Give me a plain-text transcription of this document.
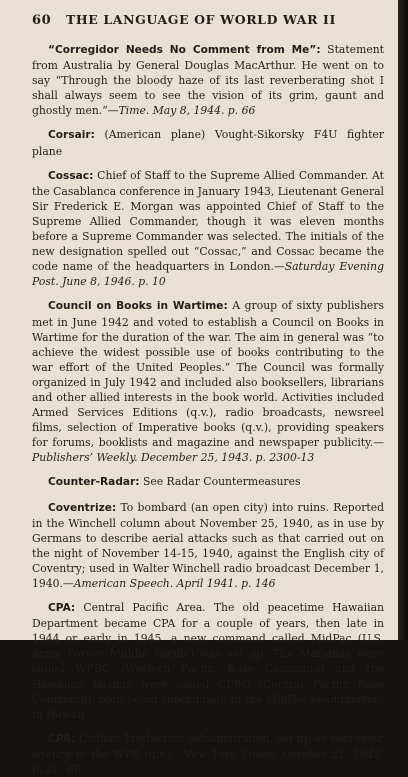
60	THE LANGUAGE OF WORLD WAR II

“Corregidor Needs No Comment from Me”: Statement from Australia by General Douglas MacArthur. He went on to say “Through the bloody haze of its last reverberating shot I shall always seem to see the vision of its grim, gaunt and ghostly men.”—Time. May 8, 1944. p. 66

Corsair: (American plane) Vought-Sikorsky F4U fighter plane

Cossac: Chief of Staff to the Supreme Allied Commander. At the Casablanca conference in January 1943, Lieutenant General Sir Frederick E. Morgan was appointed Chief of Staff to the Supreme Allied Commander, though it was eleven months before a Supreme Commander was selected. The initials of the new designation spelled out “Cossac,” and Cossac became the code name of the headquarters in London.—Saturday Evening Post. June 8, 1946. p. 10

Council on Books in Wartime: A group of sixty publishers met in June 1942 and voted to establish a Council on Books in Wartime for the duration of the war. The aim in general was “to achieve the widest possible use of books contributing to the war effort of the United Peoples.” The Council was formally organized in July 1942 and included also booksellers, librarians and other allied interests in the book world. Activities included Armed Services Editions (q.v.), radio broadcasts, newsreel films, selection of Imperative books (q.v.), providing speakers for forums, booklists and magazine and newspaper publicity.—Publishers’ Weekly. December 25, 1943. p. 2300-13

Counter-Radar: See Radar Countermeasures

Coventrize: To bombard (an open city) into ruins. Reported in the Winchell column about November 25, 1940, as in use by Germans to describe aerial attacks such as that carried out on the night of November 14-15, 1940, against the English city of Coventry; used in Walter Winchell radio broadcast December 1, 1940.—American Speech. April 1941. p. 146

CPA: Central Pacific Area. The old peacetime Hawaiian Department became CPA for a couple of years, then late in 1944 or early in 1945, a new command called MidPac (U.S. Army Forces Middle Pacific) was set up. The Marianas were called WPBC (Western Pacific Base Command) and the Hawaiian Islands were called CPBC (Central Pacific Base Command), both being subordinate to the MidPac headquarters in Hawaii

CPA: Civilian Production Administration, set up as successor agency to the WPB (q.v.)—New York Times, October 21, 1945. p. 2E, 6E
